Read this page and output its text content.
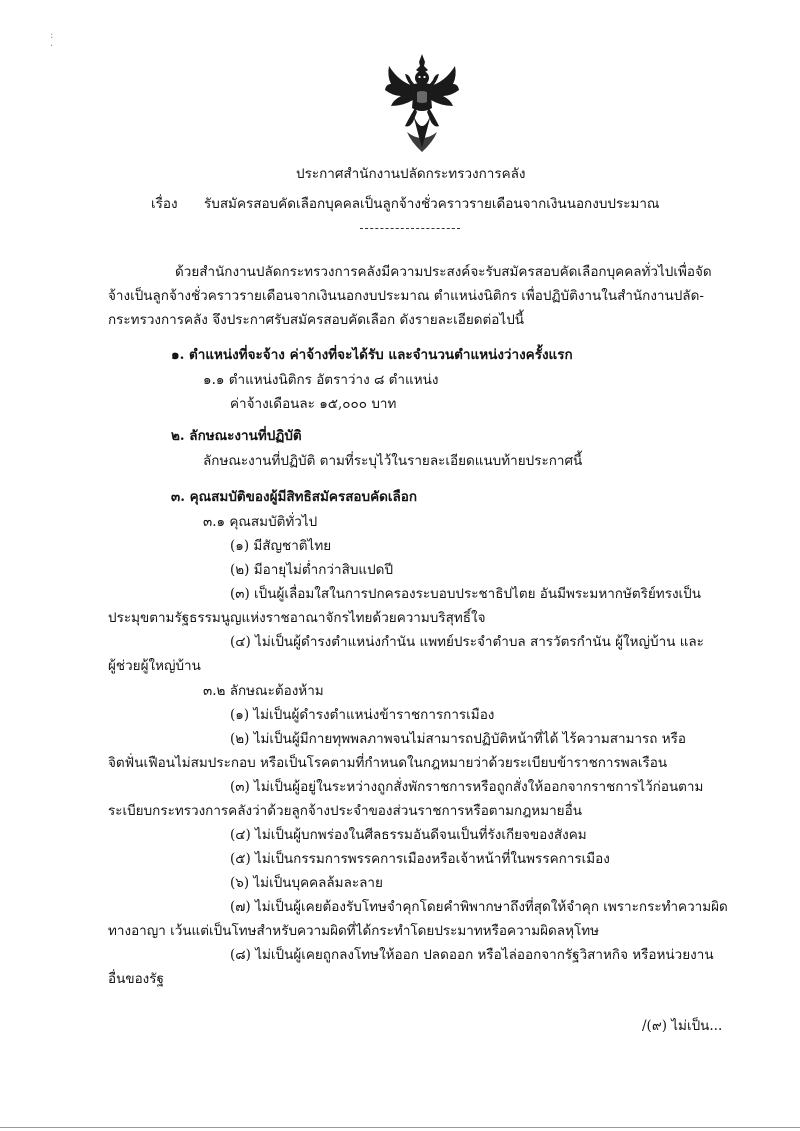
:
·
ประกาศสำนักงานปลัดกระทรวงการคลัง
เรื่อง รับสมัครสอบคัดเลือกบุคคลเป็นลูกจ้างชั่วคราวรายเดือนจากเงินนอกงบประมาณ
ด้วยสำนักงานปลัดกระทรวงการคลังมีความประสงค์จะรับสมัครสอบคัดเลือกบุคคลทั่วไปเพื่อจัด
จ้างเป็นลูกจ้างชั่วคราวรายเดือนจากเงินนอกงบประมาณ ตำแหน่งนิติกร เพื่อปฏิบัติงานในสำนักงานปลัด-
กระทรวงการคลัง จึงประกาศรับสมัครสอบคัดเลือก ดังรายละเอียดต่อไปนี้
๑. ตำแหน่งที่จะจ้าง ค่าจ้างที่จะได้รับ และจำนวนตำแหน่งว่างครั้งแรก
๑.๑ ตำแหน่งนิติกร อัตราว่าง ๘ ตำแหน่ง
ค่าจ้างเดือนละ ๑๕,๐๐๐ บาท
๒. ลักษณะงานที่ปฏิบัติ
ลักษณะงานที่ปฏิบัติ ตามที่ระบุไว้ในรายละเอียดแนบท้ายประกาศนี้
๓. คุณสมบัติของผู้มีสิทธิสมัครสอบคัดเลือก
๓.๑ คุณสมบัติทั่วไป
(๑) มีสัญชาติไทย
(๒) มีอายุไม่ต่ำกว่าสิบแปดปี
(๓) เป็นผู้เลื่อมใสในการปกครองระบอบประชาธิปไตย อันมีพระมหากษัตริย์ทรงเป็น
ประมุขตามรัฐธรรมนูญแห่งราชอาณาจักรไทยด้วยความบริสุทธิ์ใจ
(๔) ไม่เป็นผู้ดำรงตำแหน่งกำนัน แพทย์ประจำตำบล สารวัตรกำนัน ผู้ใหญ่บ้าน และ
ผู้ช่วยผู้ใหญ่บ้าน
๓.๒ ลักษณะต้องห้าม
(๑) ไม่เป็นผู้ดำรงตำแหน่งข้าราชการการเมือง
(๒) ไม่เป็นผู้มีกายทุพพลภาพจนไม่สามารถปฏิบัติหน้าที่ได้ ไร้ความสามารถ หรือ
จิตฟั่นเฟือนไม่สมประกอบ หรือเป็นโรคตามที่กำหนดในกฎหมายว่าด้วยระเบียบข้าราชการพลเรือน
(๓) ไม่เป็นผู้อยู่ในระหว่างถูกสั่งพักราชการหรือถูกสั่งให้ออกจากราชการไว้ก่อนตาม
ระเบียบกระทรวงการคลังว่าด้วยลูกจ้างประจำของส่วนราชการหรือตามกฎหมายอื่น
(๔) ไม่เป็นผู้บกพร่องในศีลธรรมอันดีจนเป็นที่รังเกียจของสังคม
(๕) ไม่เป็นกรรมการพรรคการเมืองหรือเจ้าหน้าที่ในพรรคการเมือง
(๖) ไม่เป็นบุคคลล้มละลาย
(๗) ไม่เป็นผู้เคยต้องรับโทษจำคุกโดยคำพิพากษาถึงที่สุดให้จำคุก เพราะกระทำความผิด
ทางอาญา เว้นแต่เป็นโทษสำหรับความผิดที่ได้กระทำโดยประมาทหรือความผิดลหุโทษ
(๘) ไม่เป็นผู้เคยถูกลงโทษให้ออก ปลดออก หรือไล่ออกจากรัฐวิสาหกิจ หรือหน่วยงาน
อื่นของรัฐ
/(๙) ไม่เป็น...
